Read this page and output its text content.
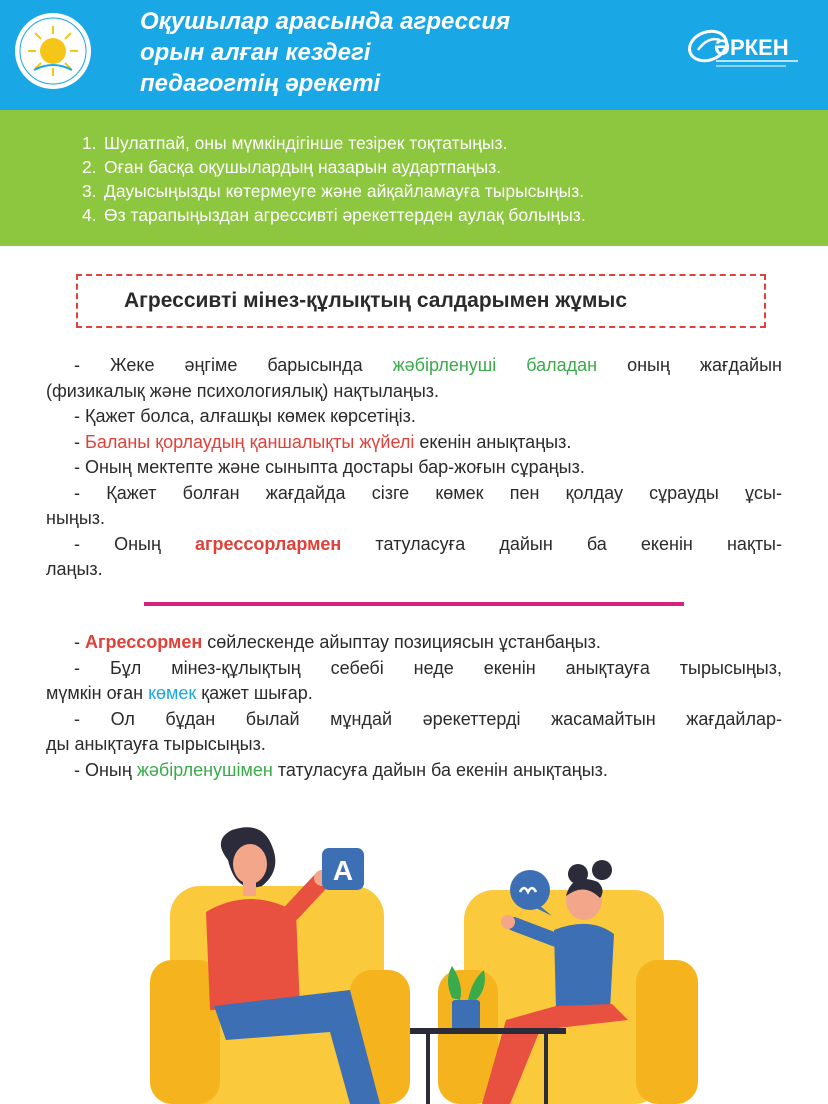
Оқушылар арасында агрессия
орын алған кездегі
педагогтің әрекеті
ӘРКЕН
1. Шулатпай, оны мүмкіндігінше тезірек тоқтатыңыз.
2. Оған басқа оқушылардың назарын аудартпаңыз.
3. Дауысыңызды көтермеуге және айқайламауға тырысыңыз.
4. Өз тарапыңыздан агрессивті әрекеттерден аулақ болыңыз.
Агрессивті мінез-құлықтың салдарымен жұмыс
- Жеке әңгіме барысында жәбірленуші баладан оның жағдайын
(физикалық және психологиялық) нақтылаңыз.
- Қажет болса, алғашқы көмек көрсетіңіз.
- Баланы қорлаудың қаншалықты жүйелі екенін анықтаңыз.
- Оның мектепте және сыныпта достары бар-жоғын сұраңыз.
- Қажет болған жағдайда сізге көмек пен қолдау сұрауды ұсы-
ныңыз.
- Оның агрессорлармен татуласуға дайын ба екенін нақты-
лаңыз.
- Агрессормен сөйлескенде айыптау позициясын ұстанбаңыз.
- Бұл мінез-құлықтың себебі неде екенін анықтауға тырысыңыз,
мүмкін оған көмек қажет шығар.
- Ол бұдан былай мұндай әрекеттерді жасамайтын жағдайлар-
ды анықтауға тырысыңыз.
- Оның жәбірленушімен татуласуға дайын ба екенін анықтаңыз.
A
